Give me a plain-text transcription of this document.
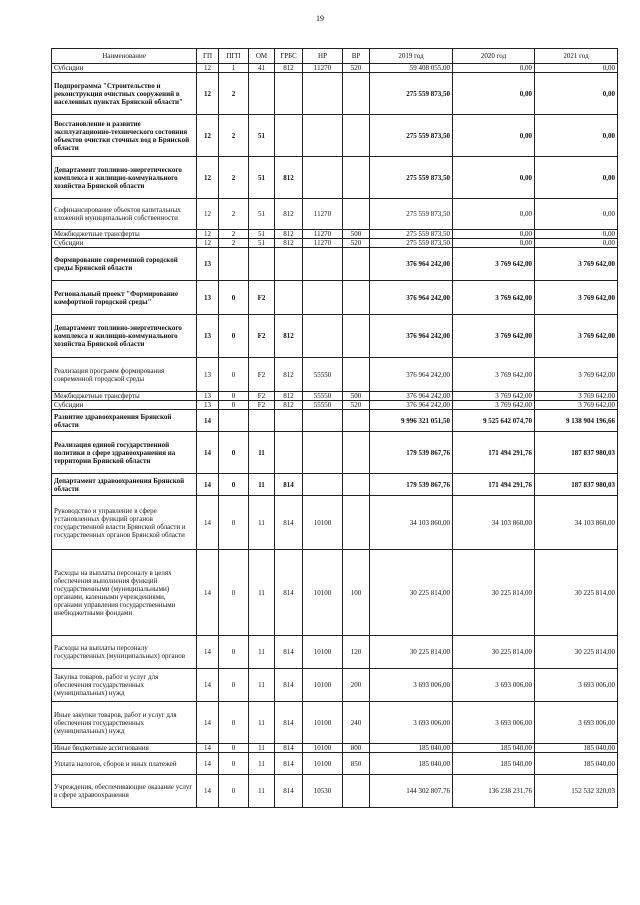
19
Наименование	ГП	ПГП	ОМ	ГРБС	НР	ВР	2019 год	2020 год	2021 год
Субсидии	12	1	41	812	11270	520	59 408 055,00	0,00	0,00
Подпрограмма "Строительство и реконструкция очистных сооружений в населенных пунктах Брянской области"	12	2					275 559 873,50	0,00	0,00
Восстановление и развитие эксплуатационно-технического состояния объектов очистки сточных вод в Брянской области	12	2	51				275 559 873,50	0,00	0,00
Департамент топливно-энергетического комплекса и жилищно-коммунального хозяйства Брянской области	12	2	51	812			275 559 873,50	0,00	0,00
Софинансирование объектов капитальных вложений муниципальной собственности	12	2	51	812	11270		275 559 873,50	0,00	0,00
Межбюджетные трансферты	12	2	51	812	11270	500	275 559 873,50	0,00	0,00
Субсидии	12	2	51	812	11270	520	275 559 873,50	0,00	0,00
Формирование современной городской среды Брянской области	13						376 964 242,00	3 769 642,00	3 769 642,00
Региональный проект "Формирование комфортной городской среды"	13	0	F2				376 964 242,00	3 769 642,00	3 769 642,00
Департамент топливно-энергетического комплекса и жилищно-коммунального хозяйства Брянской области	13	0	F2	812			376 964 242,00	3 769 642,00	3 769 642,00
Реализация программ формирования современной городской среды	13	0	F2	812	55550		376 964 242,00	3 769 642,00	3 769 642,00
Межбюджетные трансферты	13	0	F2	812	55550	500	376 964 242,00	3 769 642,00	3 769 642,00
Субсидии	13	0	F2	812	55550	520	376 964 242,00	3 769 642,00	3 769 642,00
Развитие здравоохранения Брянской области	14						9 996 321 051,50	9 525 642 074,70	9 138 904 196,66
Реализация единой государственной политики в сфере здравоохранения на территории Брянской области	14	0	11				179 539 867,76	171 494 291,76	187 837 980,03
Департамент здравоохранения Брянской области	14	0	11	814			179 539 867,76	171 494 291,76	187 837 980,03
Руководство и управление в сфере установленных функций органов государственной власти Брянской области и государственных органов Брянской области	14	0	11	814	10100		34 103 860,00	34 103 860,00	34 103 860,00
Расходы на выплаты персоналу в целях обеспечения выполнения функций государственными (муниципальными) органами, казенными учреждениями, органами управления государственными внебюджетными фондами	14	0	11	814	10100	100	30 225 814,00	30 225 814,00	30 225 814,00
Расходы на выплаты персоналу государственных (муниципальных) органов	14	0	11	814	10100	120	30 225 814,00	30 225 814,00	30 225 814,00
Закупка товаров, работ и услуг для обеспечения государственных (муниципальных) нужд	14	0	11	814	10100	200	3 693 006,00	3 693 006,00	3 693 006,00
Иные закупки товаров, работ и услуг для обеспечения государственных (муниципальных) нужд	14	0	11	814	10100	240	3 693 006,00	3 693 006,00	3 693 006,00
Иные бюджетные ассигнования	14	0	11	814	10100	800	185 040,00	185 040,00	185 040,00
Уплата налогов, сборов и иных платежей	14	0	11	814	10100	850	185 040,00	185 040,00	185 040,00
Учреждения, обеспечивающие оказание услуг в сфере здравоохранения	14	0	11	814	10530		144 302 807,76	136 238 231,76	152 532 320,03
